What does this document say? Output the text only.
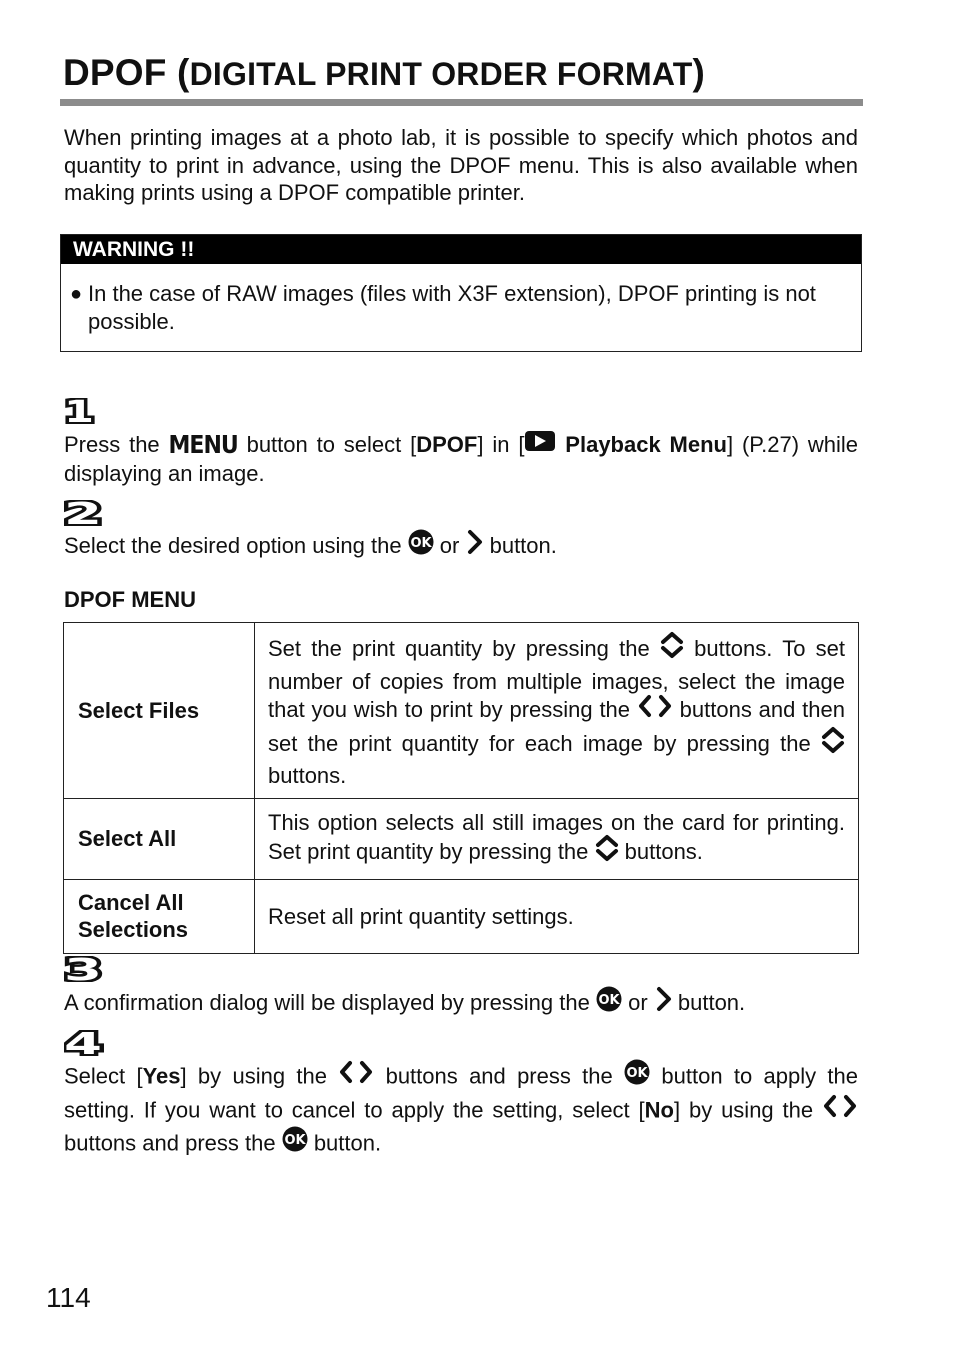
DPOF (DIGITAL PRINT ORDER FORMAT)
When printing images at a photo lab, it is possible to specify which photos and quantity to print in advance, using the DPOF menu. This is also available when making prints using a DPOF compatible printer.
WARNING !!
● In the case of RAW images (files with X3F extension), DPOF printing is not possible.
1
Press the MENU button to select [DPOF] in [ Playback Menu] (P.27) while displaying an image.
2
Select the desired option using the OK or  button.
DPOF MENU
Select Files	Set the print quantity by pressing the  buttons. To set number of copies from multiple images, select the image that you wish to print by pressing the  buttons and then set the print quantity for each image by pressing the  buttons.
Select All	This option selects all still images on the card for printing. Set print quantity by pressing the  buttons.
Cancel All Selections	Reset all print quantity settings.
3
A confirmation dialog will be displayed by pressing the OK or  button.
4
Select [Yes] by using the  buttons and press the OK button to apply the setting. If you want to cancel to apply the setting, select [No] by using the  buttons and press the OK button.
114
